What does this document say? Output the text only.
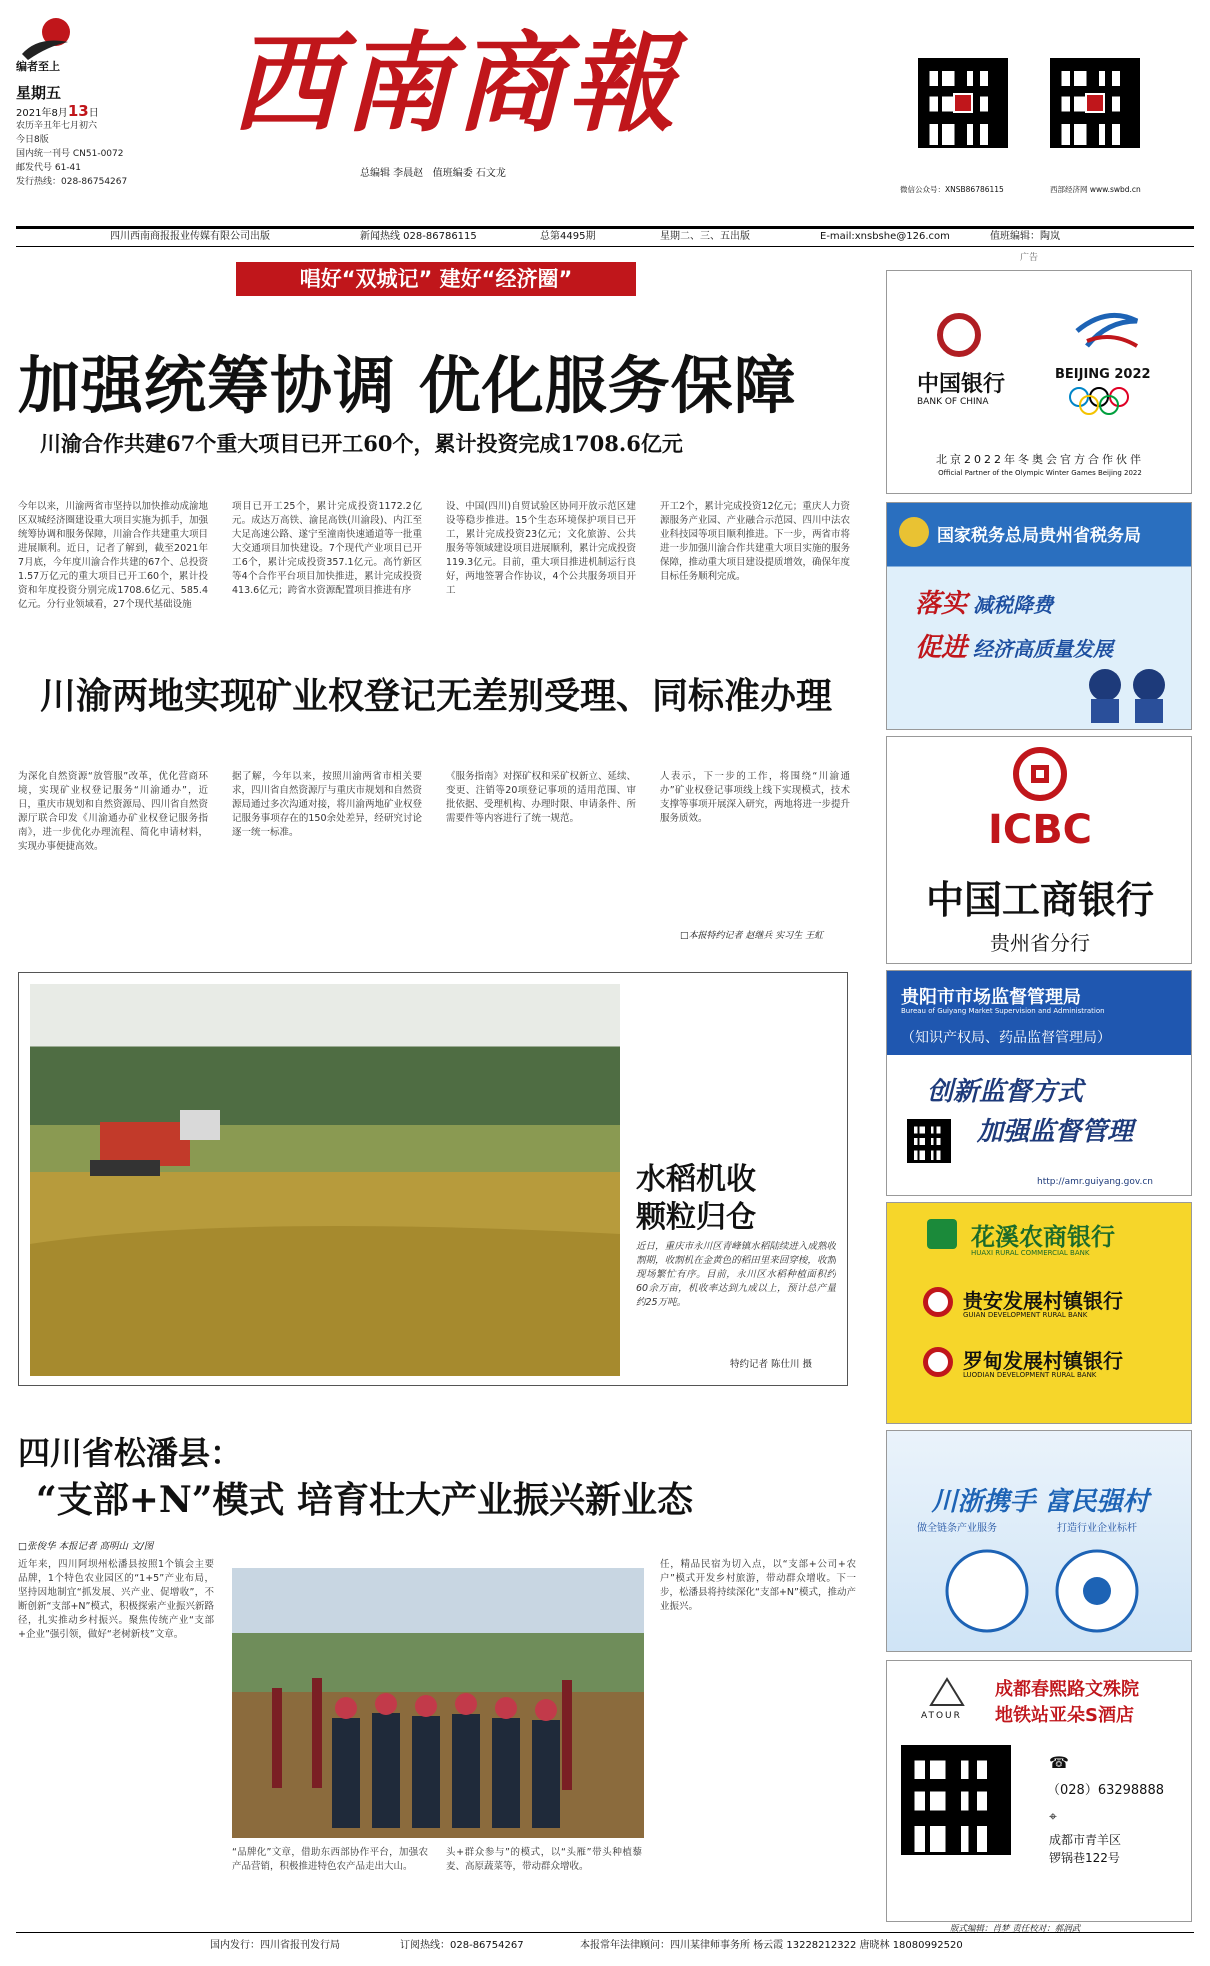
编者至上
星期五
2021年8月13日
农历辛丑年七月初六
今日8版
国内统一刊号 CN51-0072
邮发代号 61-41
发行热线：028-86754267
西南商報
总编辑 李晨赵 值班编委 石文龙
微信公众号：XNSB86786115	西部经济网 www.swbd.cn
四川西南商报报业传媒有限公司出版	新闻热线 028-86786115	总第4495期	星期二、三、五出版	E-mail:xnsbshe@126.com	值班编辑：陶岚
唱好“双城记” 建好“经济圈”
加强统筹协调 优化服务保障
川渝合作共建67个重大项目已开工60个，累计投资完成1708.6亿元
今年以来，川渝两省市坚持以加快推动成渝地区双城经济圈建设重大项目实施为抓手，加强统筹协调和服务保障，川渝合作共建重大项目进展顺利。近日，记者了解到，截至2021年7月底，今年度川渝合作共建的67个、总投资1.57万亿元的重大项目已开工60个，累计投资和年度投资分别完成1708.6亿元、585.4亿元。分行业领域看，27个现代基础设施
项目已开工25个，累计完成投资1172.2亿元。成达万高铁、渝昆高铁(川渝段)、内江至大足高速公路、遂宁至潼南快速通道等一批重大交通项目加快建设。7个现代产业项目已开工6个，累计完成投资357.1亿元。高竹新区等4个合作平台项目加快推进，累计完成投资413.6亿元；跨省水资源配置项目推进有序
设、中国(四川)自贸试验区协同开放示范区建设等稳步推进。15个生态环境保护项目已开工，累计完成投资23亿元；文化旅游、公共服务等领域建设项目进展顺利，累计完成投资119.3亿元。目前，重大项目推进机制运行良好，两地签署合作协议，4个公共服务项目开工
开工2个，累计完成投资12亿元；重庆人力资源服务产业园、产业融合示范园、四川中法农业科技园等项目顺利推进。下一步，两省市将进一步加强川渝合作共建重大项目实施的服务保障，推动重大项目建设提质增效，确保年度目标任务顺利完成。
川渝两地实现矿业权登记无差别受理、同标准办理
为深化自然资源“放管服”改革，优化营商环境，实现矿业权登记服务“川渝通办”，近日，重庆市规划和自然资源局、四川省自然资源厅联合印发《川渝通办矿业权登记服务指南》，进一步优化办理流程、简化申请材料，实现办事便捷高效。
据了解，今年以来，按照川渝两省市相关要求，四川省自然资源厅与重庆市规划和自然资源局通过多次沟通对接，将川渝两地矿业权登记服务事项存在的150余处差异，经研究讨论逐一统一标准。
《服务指南》对探矿权和采矿权新立、延续、变更、注销等20项登记事项的适用范围、审批依据、受理机构、办理时限、申请条件、所需要件等内容进行了统一规范。
人表示，下一步的工作，将围绕“川渝通办”矿业权登记事项线上线下实现模式，技术支撑等事项开展深入研究，两地将进一步提升服务质效。
□本报特约记者 赵继兵 实习生 王虹
水稻机收
颗粒归仓
近日，重庆市永川区青峰镇水稻陆续进入成熟收割期，收割机在金黄色的稻田里来回穿梭，收割现场繁忙有序。目前，永川区水稻种植面积约60余万亩，机收率达到九成以上，预计总产量约25万吨。
特约记者 陈仕川 摄
四川省松潘县：
“支部+N”模式 培育壮大产业振兴新业态
□张俊华 本报记者 高明山 文/图
近年来，四川阿坝州松潘县按照1个镇会主要品牌，1个特色农业园区的“1+5”产业布局，坚持因地制宜“抓发展、兴产业、促增收”，不断创新“支部+N”模式，积极探索产业振兴新路径，扎实推动乡村振兴。聚焦传统产业“支部+企业”强引领，做好“老树新枝”文章。
“品牌化”文章，借助东西部协作平台，加强农产品营销，积极推进特色农产品走出大山。
头+群众参与”的模式，以“头雁”带头种植藜麦、高原蔬菜等，带动群众增收。
任，精品民宿为切入点，以“支部+公司+农户”模式开发乡村旅游，带动群众增收。下一步，松潘县将持续深化“支部+N”模式，推动产业振兴。
国内发行：四川省报刊发行局	订阅热线：028-86754267	本报常年法律顾问：四川某律师事务所 杨云霞 13228212322 唐晓林 18080992520
广告
中国银行
BANK OF CHINA
BEIJING 2022
北京2022年冬奥会官方合作伙伴
Official Partner of the Olympic Winter Games Beijing 2022
国家税务总局贵州省税务局
落实 减税降费
促进 经济高质量发展
ICBC
中国工商银行
贵州省分行
贵阳市市场监督管理局
Bureau of Guiyang Market Supervision and Administration
（知识产权局、药品监督管理局）
创新监督方式
加强监督管理
http://amr.guiyang.gov.cn
花溪农商银行
HUAXI RURAL COMMERCIAL BANK
贵安发展村镇银行
GUIAN DEVELOPMENT RURAL BANK
罗甸发展村镇银行
LUODIAN DEVELOPMENT RURAL BANK
川浙携手 富民强村
做全链条产业服务	打造行业企业标杆
ATOUR
成都春熙路文殊院
地铁站亚朵S酒店
☎
（028）63298888
⌖
成都市青羊区
锣锅巷122号
版式编辑：肖梦 责任校对：郝润武
